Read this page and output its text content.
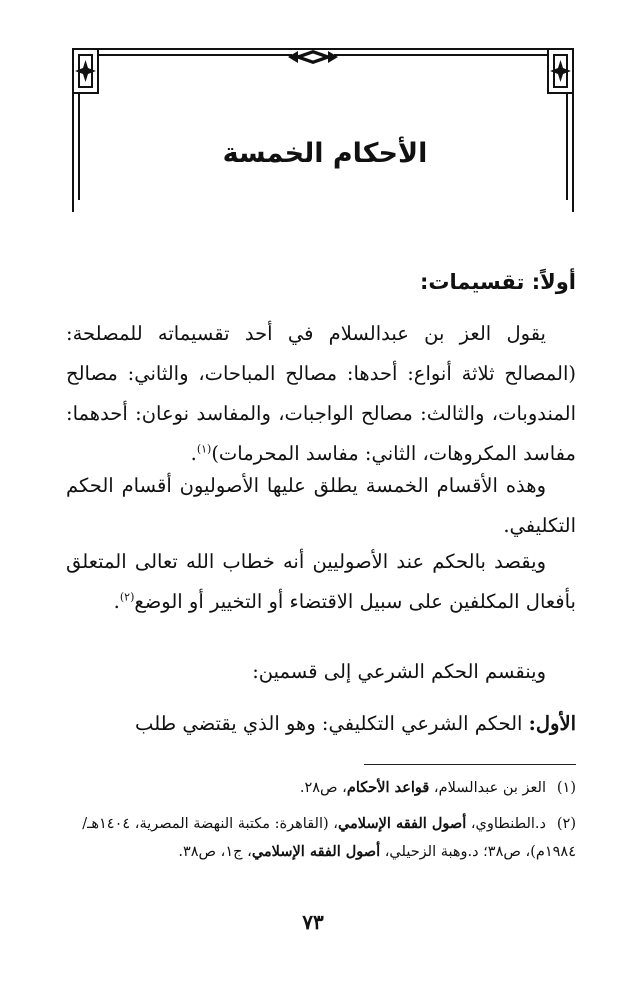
الأحكام الخمسة
أولاً: تقسيمات:

يقول العز بن عبدالسلام في أحد تقسيماته للمصلحة: (المصالح ثلاثة أنواع: أحدها: مصالح المباحات، والثاني: مصالح المندوبات، والثالث: مصالح الواجبات، والمفاسد نوعان: أحدهما: مفاسد المكروهات، الثاني: مفاسد المحرمات)$^{(١)}$.

وهذه الأقسام الخمسة يطلق عليها الأصوليون أقسام الحكم التكليفي.

ويقصد بالحكم عند الأصوليين أنه خطاب الله تعالى المتعلق بأفعال المكلفين على سبيل الاقتضاء أو التخيير أو الوضع$^{(٢)}$.

وينقسم الحكم الشرعي إلى قسمين:

الأول: الحكم الشرعي التكليفي: وهو الذي يقتضي طلب

(١)العز بن عبدالسلام، قواعد الأحكام، ص٢٨.

(٢)د.الطنطاوي، أصول الفقه الإسلامي، (القاهرة: مكتبة النهضة المصرية، ١٤٠٤هـ/١٩٨٤م)، ص٣٨؛ د.وهبة الزحيلي، أصول الفقه الإسلامي، ج١، ص٣٨.

٧٣
